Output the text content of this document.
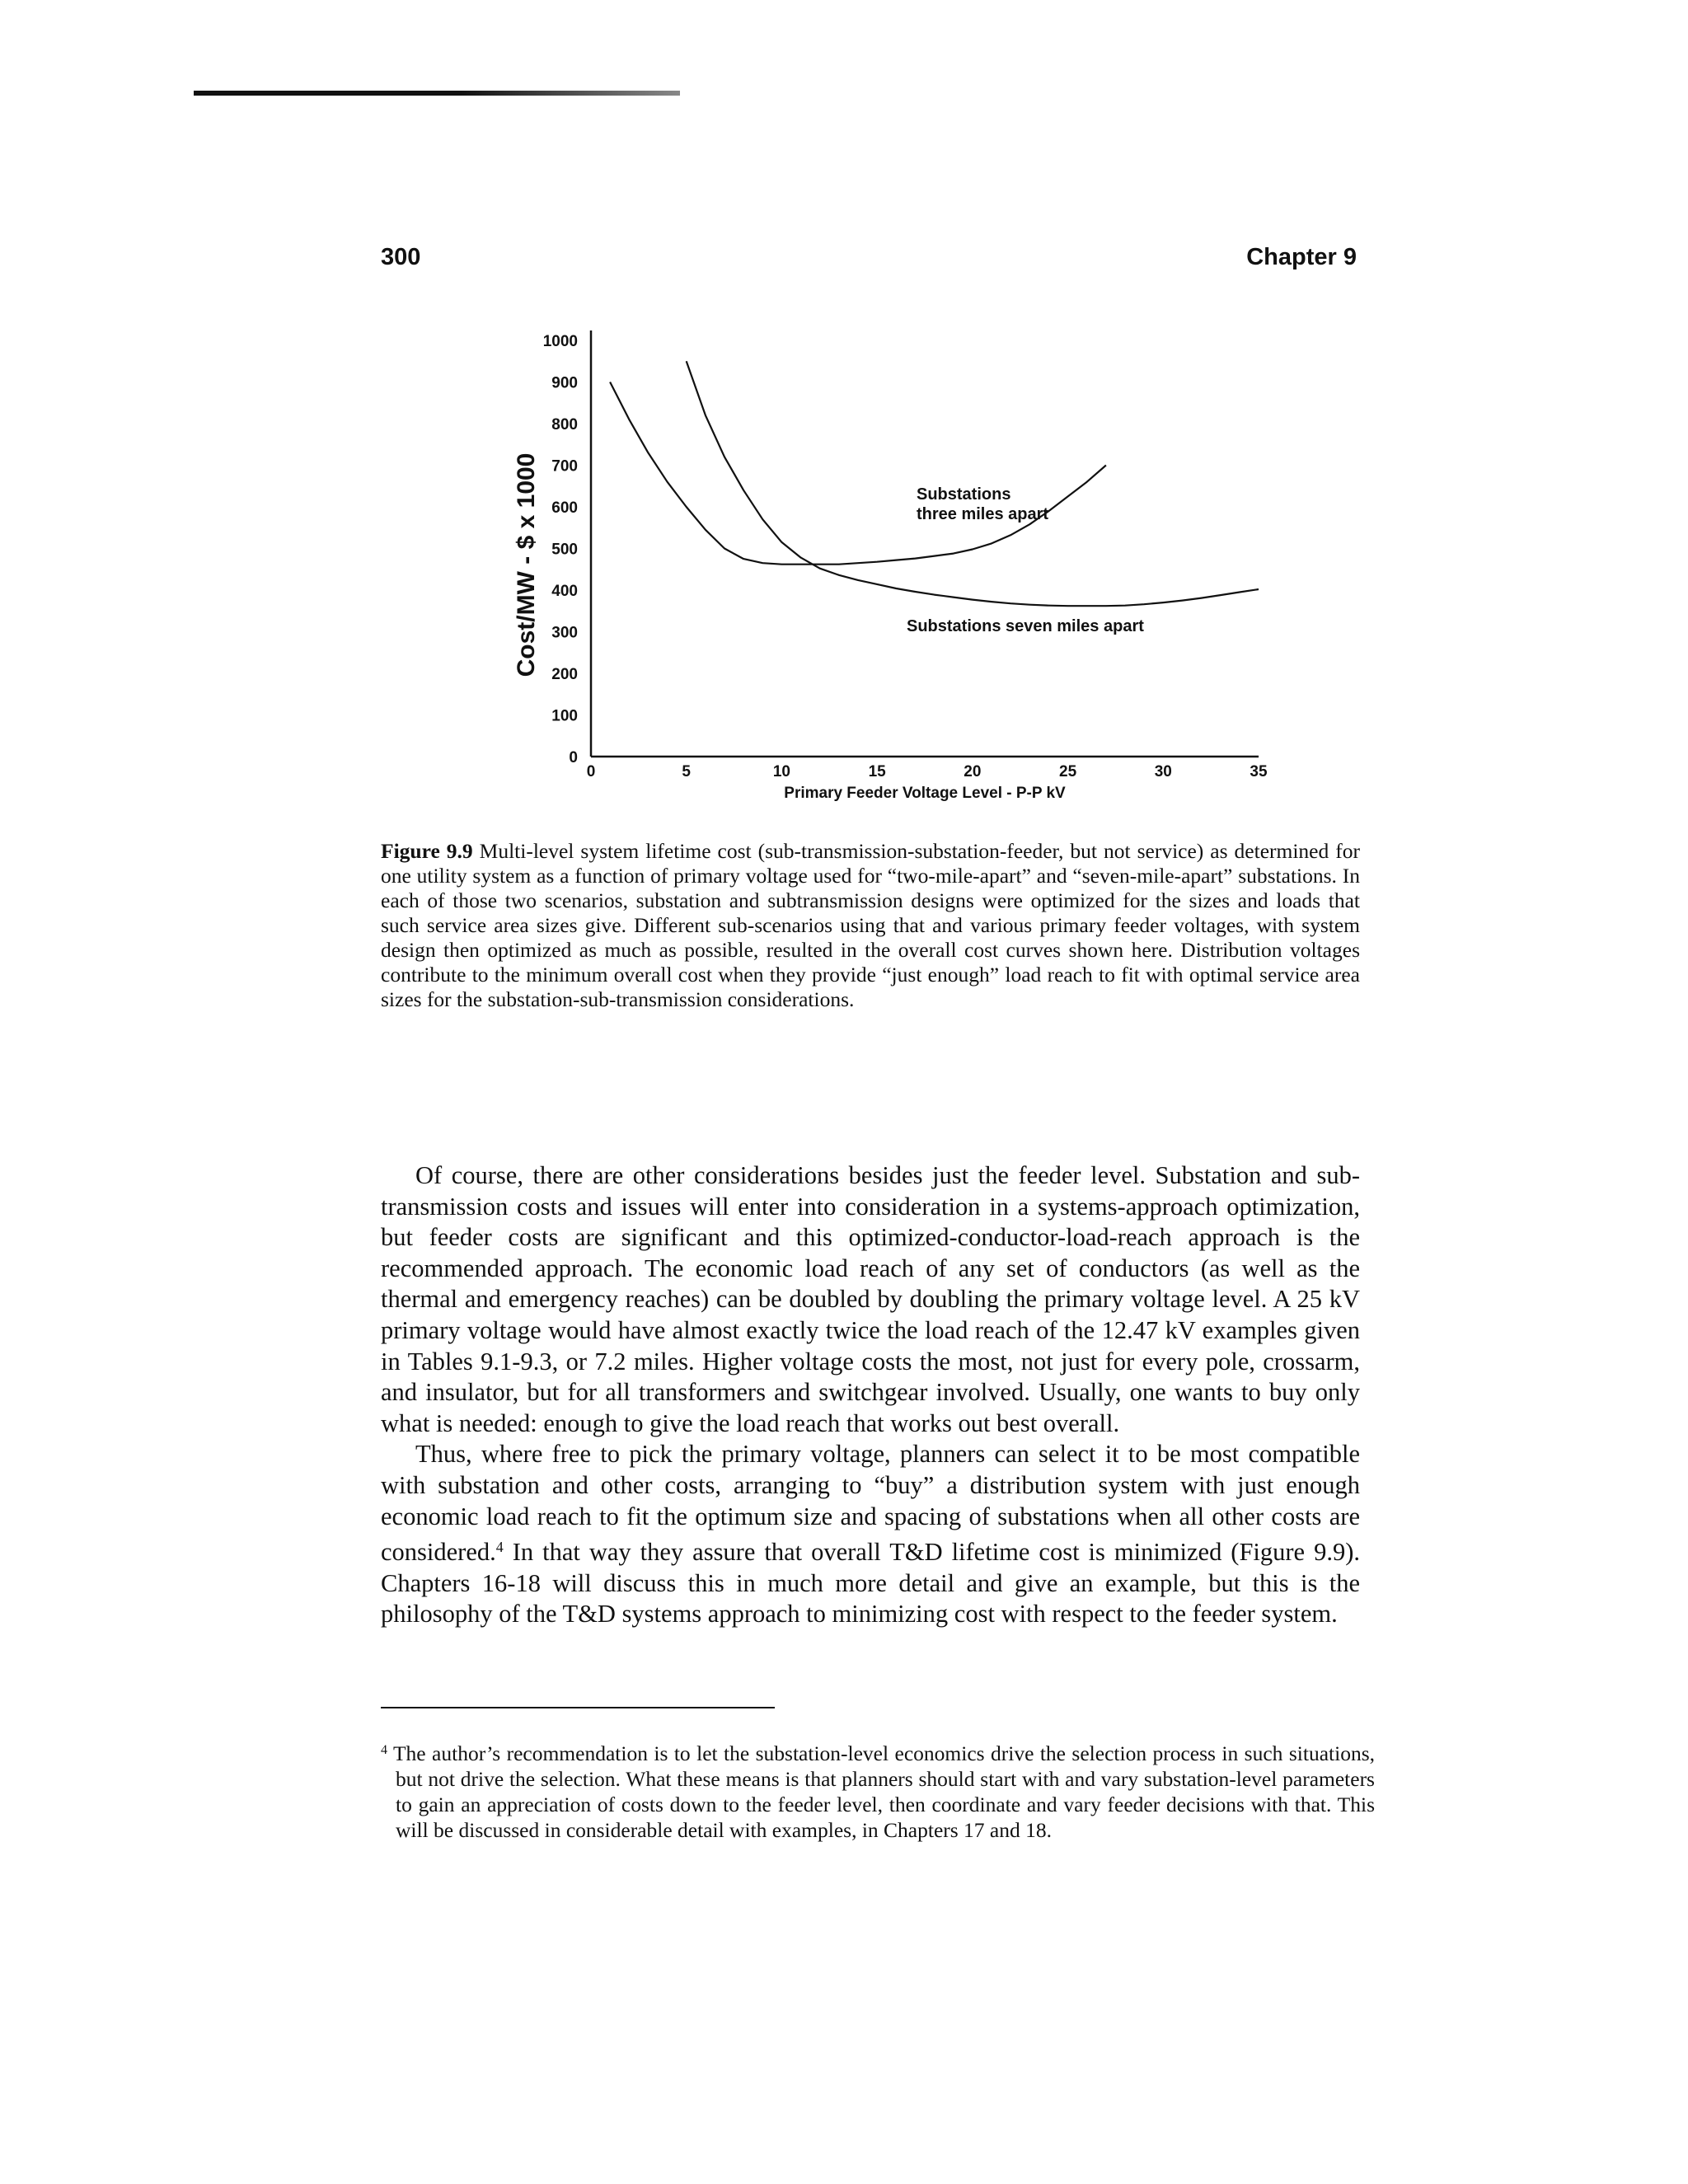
300	Chapter 9
0
100
200
300
400
500
600
700
800
900
1000
0	5	10	15	20	25	30	35
Primary Feeder Voltage Level - P-P kV
Cost/MW - $ x 1000	Substations
three miles apart
Substations seven miles apart
Figure 9.9 Multi-level system lifetime cost (sub-transmission-substation-feeder, but not service) as determined for one utility system as a function of primary voltage used for “two-mile-apart” and “seven-mile-apart” substations. In each of those two scenarios, substation and subtransmission designs were optimized for the sizes and loads that such service area sizes give. Different sub-scenarios using that and various primary feeder voltages, with system design then optimized as much as possible, resulted in the overall cost curves shown here. Distribution voltages contribute to the minimum overall cost when they provide “just enough” load reach to fit with optimal service area sizes for the substation-sub-transmission considerations.

Of course, there are other considerations besides just the feeder level. Substation and sub-transmission costs and issues will enter into consideration in a systems-approach optimization, but feeder costs are significant and this optimized-conductor-load-reach approach is the recommended approach. The economic load reach of any set of conductors (as well as the thermal and emergency reaches) can be doubled by doubling the primary voltage level. A 25 kV primary voltage would have almost exactly twice the load reach of the 12.47 kV examples given in Tables 9.1-9.3, or 7.2 miles. Higher voltage costs the most, not just for every pole, crossarm, and insulator, but for all transformers and switchgear involved. Usually, one wants to buy only what is needed: enough to give the load reach that works out best overall.

Thus, where free to pick the primary voltage, planners can select it to be most compatible with substation and other costs, arranging to “buy” a distribution system with just enough economic load reach to fit the optimum size and spacing of substations when all other costs are considered.$^4$ In that way they assure that overall T&D lifetime cost is minimized (Figure 9.9). Chapters 16-18 will discuss this in much more detail and give an example, but this is the philosophy of the T&D systems approach to minimizing cost with respect to the feeder system.

$^4$ The author’s recommendation is to let the substation-level economics drive the selection process in such situations, but not drive the selection. What these means is that planners should start with and vary substation-level parameters to gain an appreciation of costs down to the feeder level, then coordinate and vary feeder decisions with that. This will be discussed in considerable detail with examples, in Chapters 17 and 18.
